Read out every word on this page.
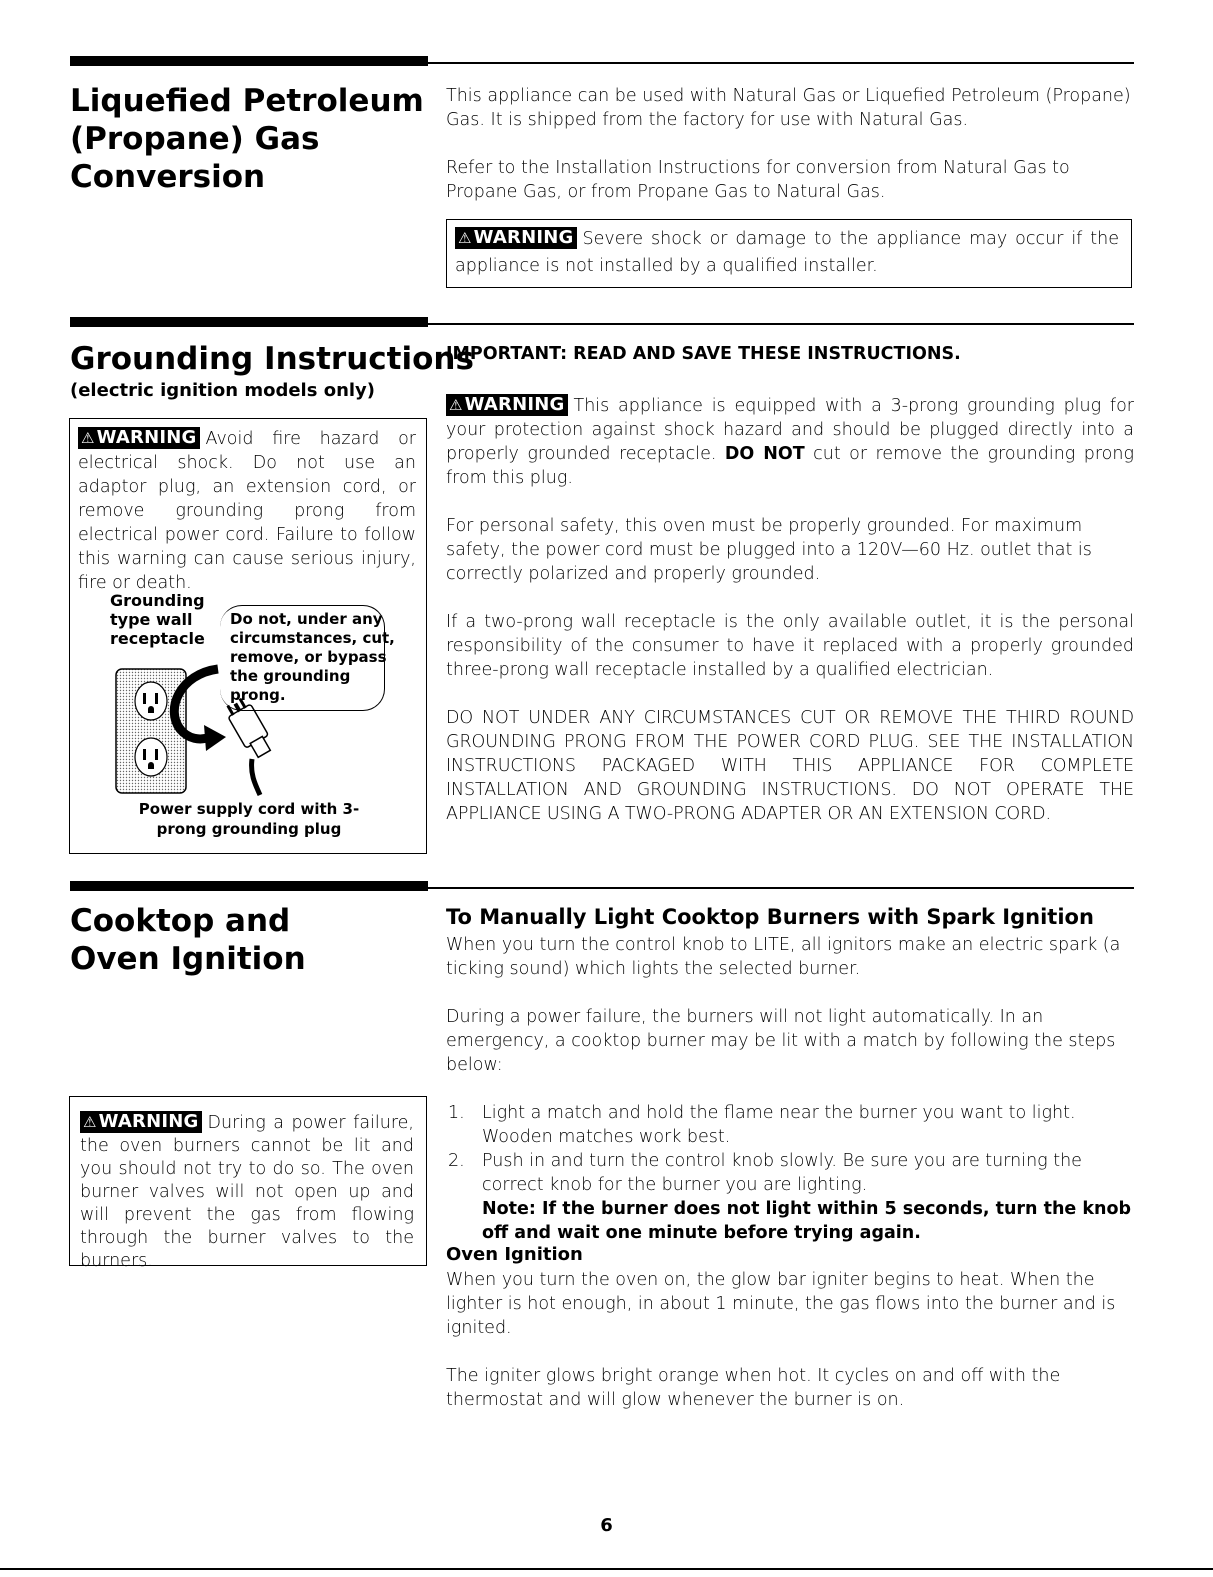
Liquefied Petroleum
(Propane) Gas
Conversion

This appliance can be used with Natural Gas or Liquefied Petroleum (Propane) Gas. It is shipped from the factory for use with Natural Gas.

Refer to the Installation Instructions for conversion from Natural Gas to Propane Gas, or from Propane Gas to Natural Gas.

⚠ WARNING Severe shock or damage to the appliance may occur if the appliance is not installed by a qualified installer.
Grounding Instructions
(electric ignition models only)
⚠ WARNING Avoid fire hazard or electrical shock. Do not use an adaptor plug, an extension cord, or remove grounding prong from electrical power cord. Failure to follow this warning can cause serious injury, fire or death.
Grounding
type wall
receptacle
Do not, under any
circumstances, cut,
remove, or bypass
the grounding
prong.
Power supply cord with 3-
prong grounding plug

IMPORTANT: READ AND SAVE THESE INSTRUCTIONS.

⚠ WARNING This appliance is equipped with a 3-prong grounding plug for your protection against shock hazard and should be plugged directly into a properly grounded receptacle. DO NOT cut or remove the grounding prong from this plug.

For personal safety, this oven must be properly grounded. For maximum safety, the power cord must be plugged into a 120V—60 Hz. outlet that is correctly polarized and properly grounded.

If a two-prong wall receptacle is the only available outlet, it is the personal responsibility of the consumer to have it replaced with a properly grounded three-prong wall receptacle installed by a qualified electrician.

DO NOT UNDER ANY CIRCUMSTANCES CUT OR REMOVE THE THIRD ROUND GROUNDING PRONG FROM THE POWER CORD PLUG. SEE THE INSTALLATION INSTRUCTIONS PACKAGED WITH THIS APPLIANCE FOR COMPLETE INSTALLATION AND GROUNDING INSTRUCTIONS. DO NOT OPERATE THE APPLIANCE USING A TWO-PRONG ADAPTER OR AN EXTENSION CORD.

Cooktop and
Oven Ignition
⚠ WARNING During a power failure, the oven burners cannot be lit and you should not try to do so. The oven burner valves will not open up and will prevent the gas from flowing through the burner valves to the burners.
To Manually Light Cooktop Burners with Spark Ignition

When you turn the control knob to LITE, all ignitors make an electric spark (a ticking sound) which lights the selected burner.

During a power failure, the burners will not light automatically. In an emergency, a cooktop burner may be lit with a match by following the steps below:

1. Light a match and hold the flame near the burner you want to light. Wooden matches work best.
2. Push in and turn the control knob slowly. Be sure you are turning the correct knob for the burner you are lighting.
Note: If the burner does not light within 5 seconds, turn the knob off and wait one minute before trying again.
Oven Ignition

When you turn the oven on, the glow bar igniter begins to heat. When the lighter is hot enough, in about 1 minute, the gas flows into the burner and is ignited.

The igniter glows bright orange when hot. It cycles on and off with the thermostat and will glow whenever the burner is on.

6
